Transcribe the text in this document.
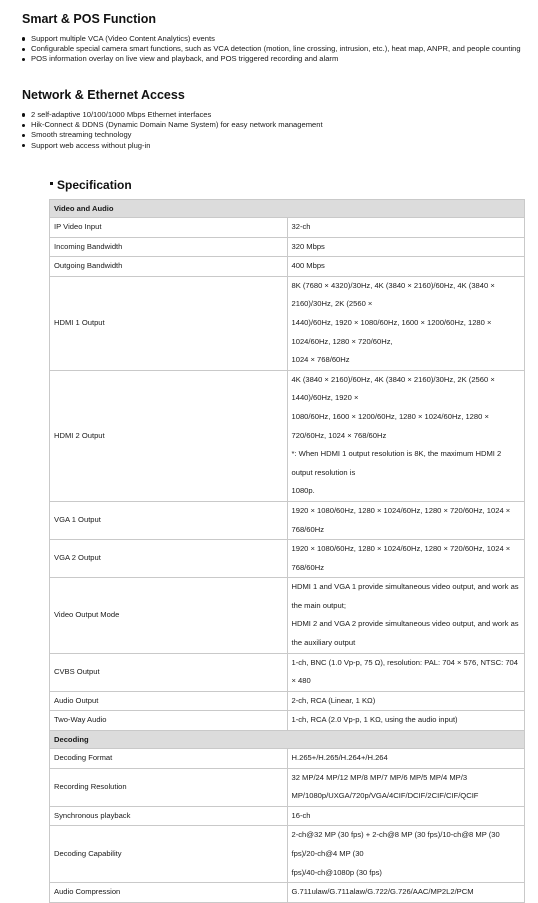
Smart & POS Function
Support multiple VCA (Video Content Analytics) events
Configurable special camera smart functions, such as VCA detection (motion, line crossing, intrusion, etc.), heat map, ANPR, and people counting
POS information overlay on live view and playback, and POS triggered recording and alarm
Network & Ethernet Access
2 self-adaptive 10/100/1000 Mbps Ethernet interfaces
Hik-Connect & DDNS (Dynamic Domain Name System) for easy network management
Smooth streaming technology
Support web access without plug-in
Specification
Video and Audio	
IP Video Input	32-ch

Incoming Bandwidth	320 Mbps

Outgoing Bandwidth	400 Mbps

HDMI 1 Output	8K (7680 × 4320)/30Hz, 4K (3840 × 2160)/60Hz, 4K (3840 × 2160)/30Hz, 2K (2560 ×
1440)/60Hz, 1920 × 1080/60Hz, 1600 × 1200/60Hz, 1280 × 1024/60Hz, 1280 × 720/60Hz,
1024 × 768/60Hz

HDMI 2 Output	4K (3840 × 2160)/60Hz, 4K (3840 × 2160)/30Hz, 2K (2560 × 1440)/60Hz, 1920 ×
1080/60Hz, 1600 × 1200/60Hz, 1280 × 1024/60Hz, 1280 × 720/60Hz, 1024 × 768/60Hz
*: When HDMI 1 output resolution is 8K, the maximum HDMI 2 output resolution is
1080p.

VGA 1 Output	1920 × 1080/60Hz, 1280 × 1024/60Hz, 1280 × 720/60Hz, 1024 × 768/60Hz

VGA 2 Output	1920 × 1080/60Hz, 1280 × 1024/60Hz, 1280 × 720/60Hz, 1024 × 768/60Hz

Video Output Mode	HDMI 1 and VGA 1 provide simultaneous video output, and work as the main output;
HDMI 2 and VGA 2 provide simultaneous video output, and work as the auxiliary output

CVBS Output	1-ch, BNC (1.0 Vp-p, 75 Ω), resolution: PAL: 704 × 576, NTSC: 704 × 480

Audio Output	2-ch, RCA (Linear, 1 KΩ)

Two-Way Audio	1-ch, RCA (2.0 Vp-p, 1 KΩ, using the audio input)

Decoding	
Decoding Format	H.265+/H.265/H.264+/H.264

Recording Resolution	32 MP/24 MP/12 MP/8 MP/7 MP/6 MP/5 MP/4 MP/3
MP/1080p/UXGA/720p/VGA/4CIF/DCIF/2CIF/CIF/QCIF

Synchronous playback	16-ch

Decoding Capability	2-ch@32 MP (30 fps) + 2-ch@8 MP (30 fps)/10-ch@8 MP (30 fps)/20-ch@4 MP (30
fps)/40-ch@1080p (30 fps)

Audio Compression	G.711ulaw/G.711alaw/G.722/G.726/AAC/MP2L2/PCM
